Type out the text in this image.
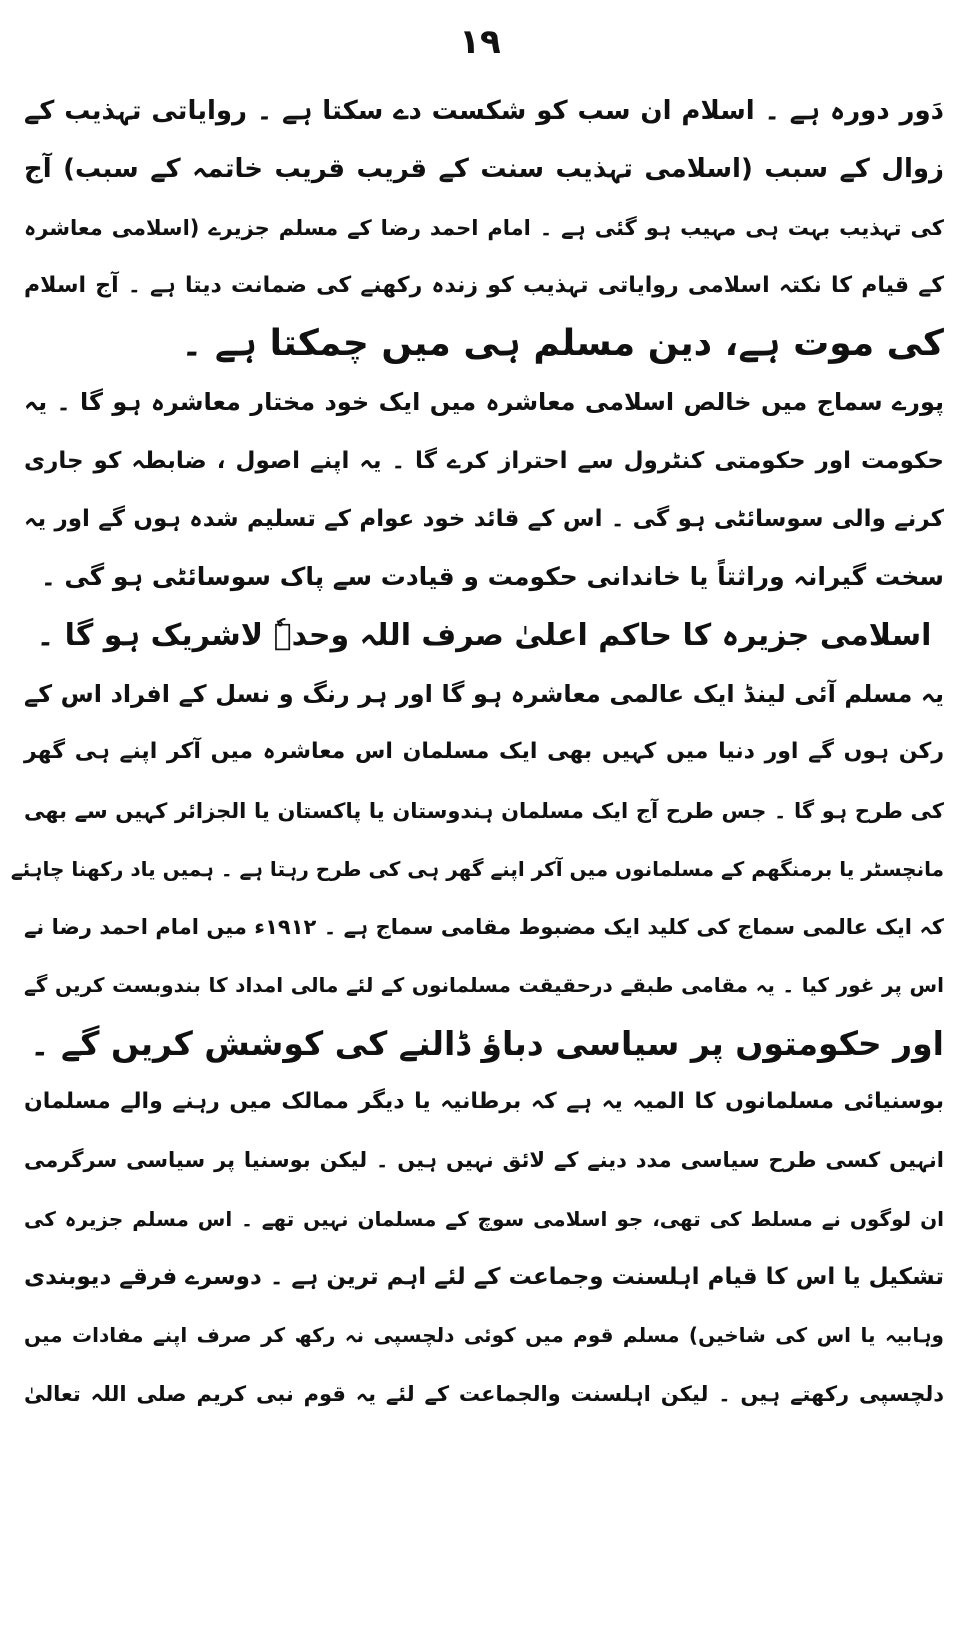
۱۹
دَور دورہ ہے ۔ اسلام ان سب کو شکست دے سکتا ہے ۔ روایاتی تہذیب کے
زوال کے سبب (اسلامی تہذیب سنت کے قریب قریب خاتمہ کے سبب) آج
کی تہذیب بہت ہی مہیب ہو گئی ہے ۔ امام احمد رضا کے مسلم جزیرے (اسلامی معاشرہ
کے قیام کا نکتہ اسلامی روایاتی تہذیب کو زندہ رکھنے کی ضمانت دیتا ہے ۔ آج اسلام
کی موت ہے، دین مسلم ہی میں چمکتا ہے ۔
پورے سماج میں خالص اسلامی معاشرہ میں ایک خود مختار معاشرہ ہو گا ۔ یہ
حکومت اور حکومتی کنٹرول سے احتراز کرے گا ۔ یہ اپنے اصول ، ضابطہ کو جاری
کرنے والی سوسائٹی ہو گی ۔ اس کے قائد خود عوام کے تسلیم شدہ ہوں گے اور یہ
سخت گیرانہ وراثتاً یا خاندانی حکومت و قیادت سے پاک سوسائٹی ہو گی ۔
اسلامی جزیرہ کا حاکم اعلیٰ صرف اللہ وحدہٗ لاشریک ہو گا ۔
یہ مسلم آئی لینڈ ایک عالمی معاشرہ ہو گا اور ہر رنگ و نسل کے افراد اس کے
رکن ہوں گے اور دنیا میں کہیں بھی ایک مسلمان اس معاشرہ میں آکر اپنے ہی گھر
کی طرح ہو گا ۔ جس طرح آج ایک مسلمان ہندوستان یا پاکستان یا الجزائر کہیں سے بھی
مانچسٹر یا برمنگھم کے مسلمانوں میں آکر اپنے گھر ہی کی طرح رہتا ہے ۔ ہمیں یاد رکھنا چاہئے
کہ ایک عالمی سماج کی کلید ایک مضبوط مقامی سماج ہے ۔ ۱۹۱۲ء میں امام احمد رضا نے
اس پر غور کیا ۔ یہ مقامی طبقے درحقیقت مسلمانوں کے لئے مالی امداد کا بندوبست کریں گے
اور حکومتوں پر سیاسی دباؤ ڈالنے کی کوشش کریں گے ۔
بوسنیائی مسلمانوں کا المیہ یہ ہے کہ برطانیہ یا دیگر ممالک میں رہنے والے مسلمان
انہیں کسی طرح سیاسی مدد دینے کے لائق نہیں ہیں ۔ لیکن بوسنیا پر سیاسی سرگرمی
ان لوگوں نے مسلط کی تھی، جو اسلامی سوچ کے مسلمان نہیں تھے ۔ اس مسلم جزیرہ کی
تشکیل یا اس کا قیام اہلسنت وجماعت کے لئے اہم ترین ہے ۔ دوسرے فرقے دیوبندی
وہابیہ یا اس کی شاخیں) مسلم قوم میں کوئی دلچسپی نہ رکھ کر صرف اپنے مفادات میں
دلچسپی رکھتے ہیں ۔ لیکن اہلسنت والجماعت کے لئے یہ قوم نبی کریم صلی اللہ تعالیٰ
